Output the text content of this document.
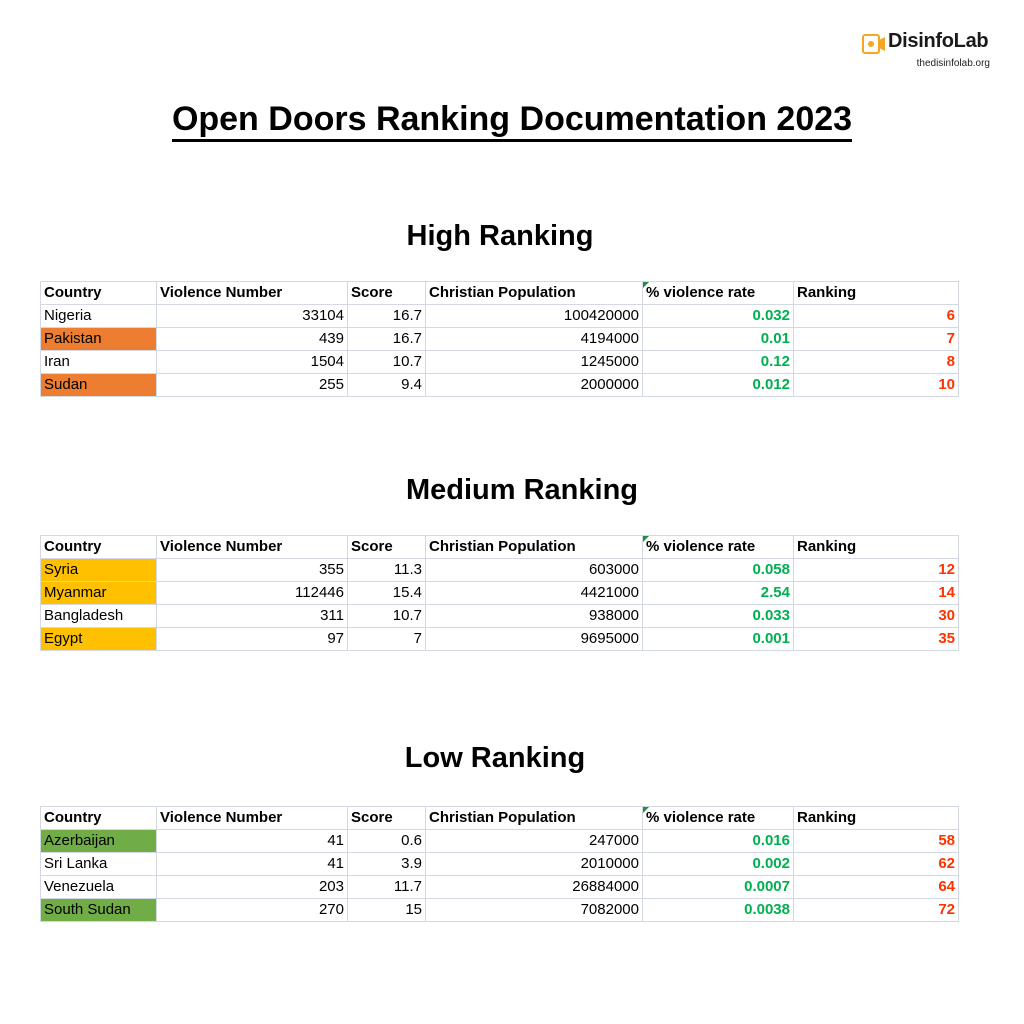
DisinfoLab
thedisinfolab.org
Open Doors Ranking Documentation 2023
High Ranking
Country	Violence Number	Score	Christian Population	% violence rate	Ranking
Nigeria	33104	16.7	100420000	0.032	6
Pakistan	439	16.7	4194000	0.01	7
Iran	1504	10.7	1245000	0.12	8
Sudan	255	9.4	2000000	0.012	10
Medium Ranking
Country	Violence Number	Score	Christian Population	% violence rate	Ranking
Syria	355	11.3	603000	0.058	12
Myanmar	112446	15.4	4421000	2.54	14
Bangladesh	311	10.7	938000	0.033	30
Egypt	97	7	9695000	0.001	35
Low Ranking
Country	Violence Number	Score	Christian Population	% violence rate	Ranking
Azerbaijan	41	0.6	247000	0.016	58
Sri Lanka	41	3.9	2010000	0.002	62
Venezuela	203	11.7	26884000	0.0007	64
South Sudan	270	15	7082000	0.0038	72
